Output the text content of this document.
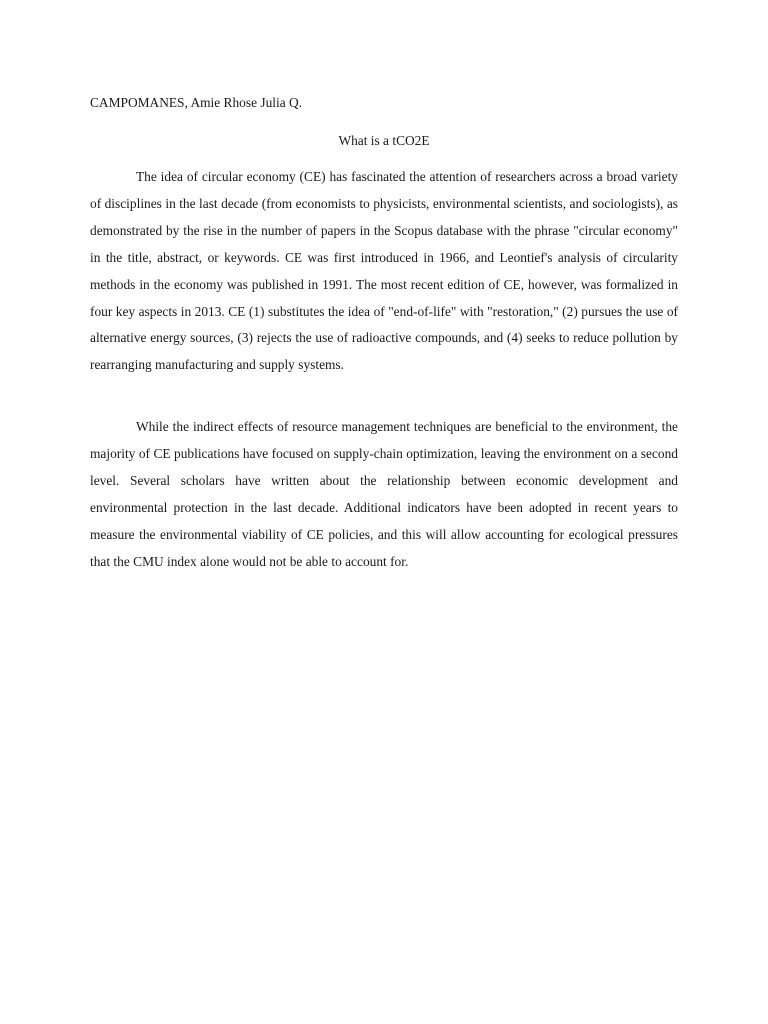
CAMPOMANES, Amie Rhose Julia Q.
What is a tCO2E

The idea of circular economy (CE) has fascinated the attention of researchers across a broad variety of disciplines in the last decade (from economists to physicists, environmental scientists, and sociologists), as demonstrated by the rise in the number of papers in the Scopus database with the phrase "circular economy" in the title, abstract, or keywords. CE was first introduced in 1966, and Leontief's analysis of circularity methods in the economy was published in 1991. The most recent edition of CE, however, was formalized in four key aspects in 2013. CE (1) substitutes the idea of "end-of-life" with "restoration," (2) pursues the use of alternative energy sources, (3) rejects the use of radioactive compounds, and (4) seeks to reduce pollution by rearranging manufacturing and supply systems.

While the indirect effects of resource management techniques are beneficial to the environment, the majority of CE publications have focused on supply-chain optimization, leaving the environment on a second level. Several scholars have written about the relationship between economic development and environmental protection in the last decade. Additional indicators have been adopted in recent years to measure the environmental viability of CE policies, and this will allow accounting for ecological pressures that the CMU index alone would not be able to account for.
